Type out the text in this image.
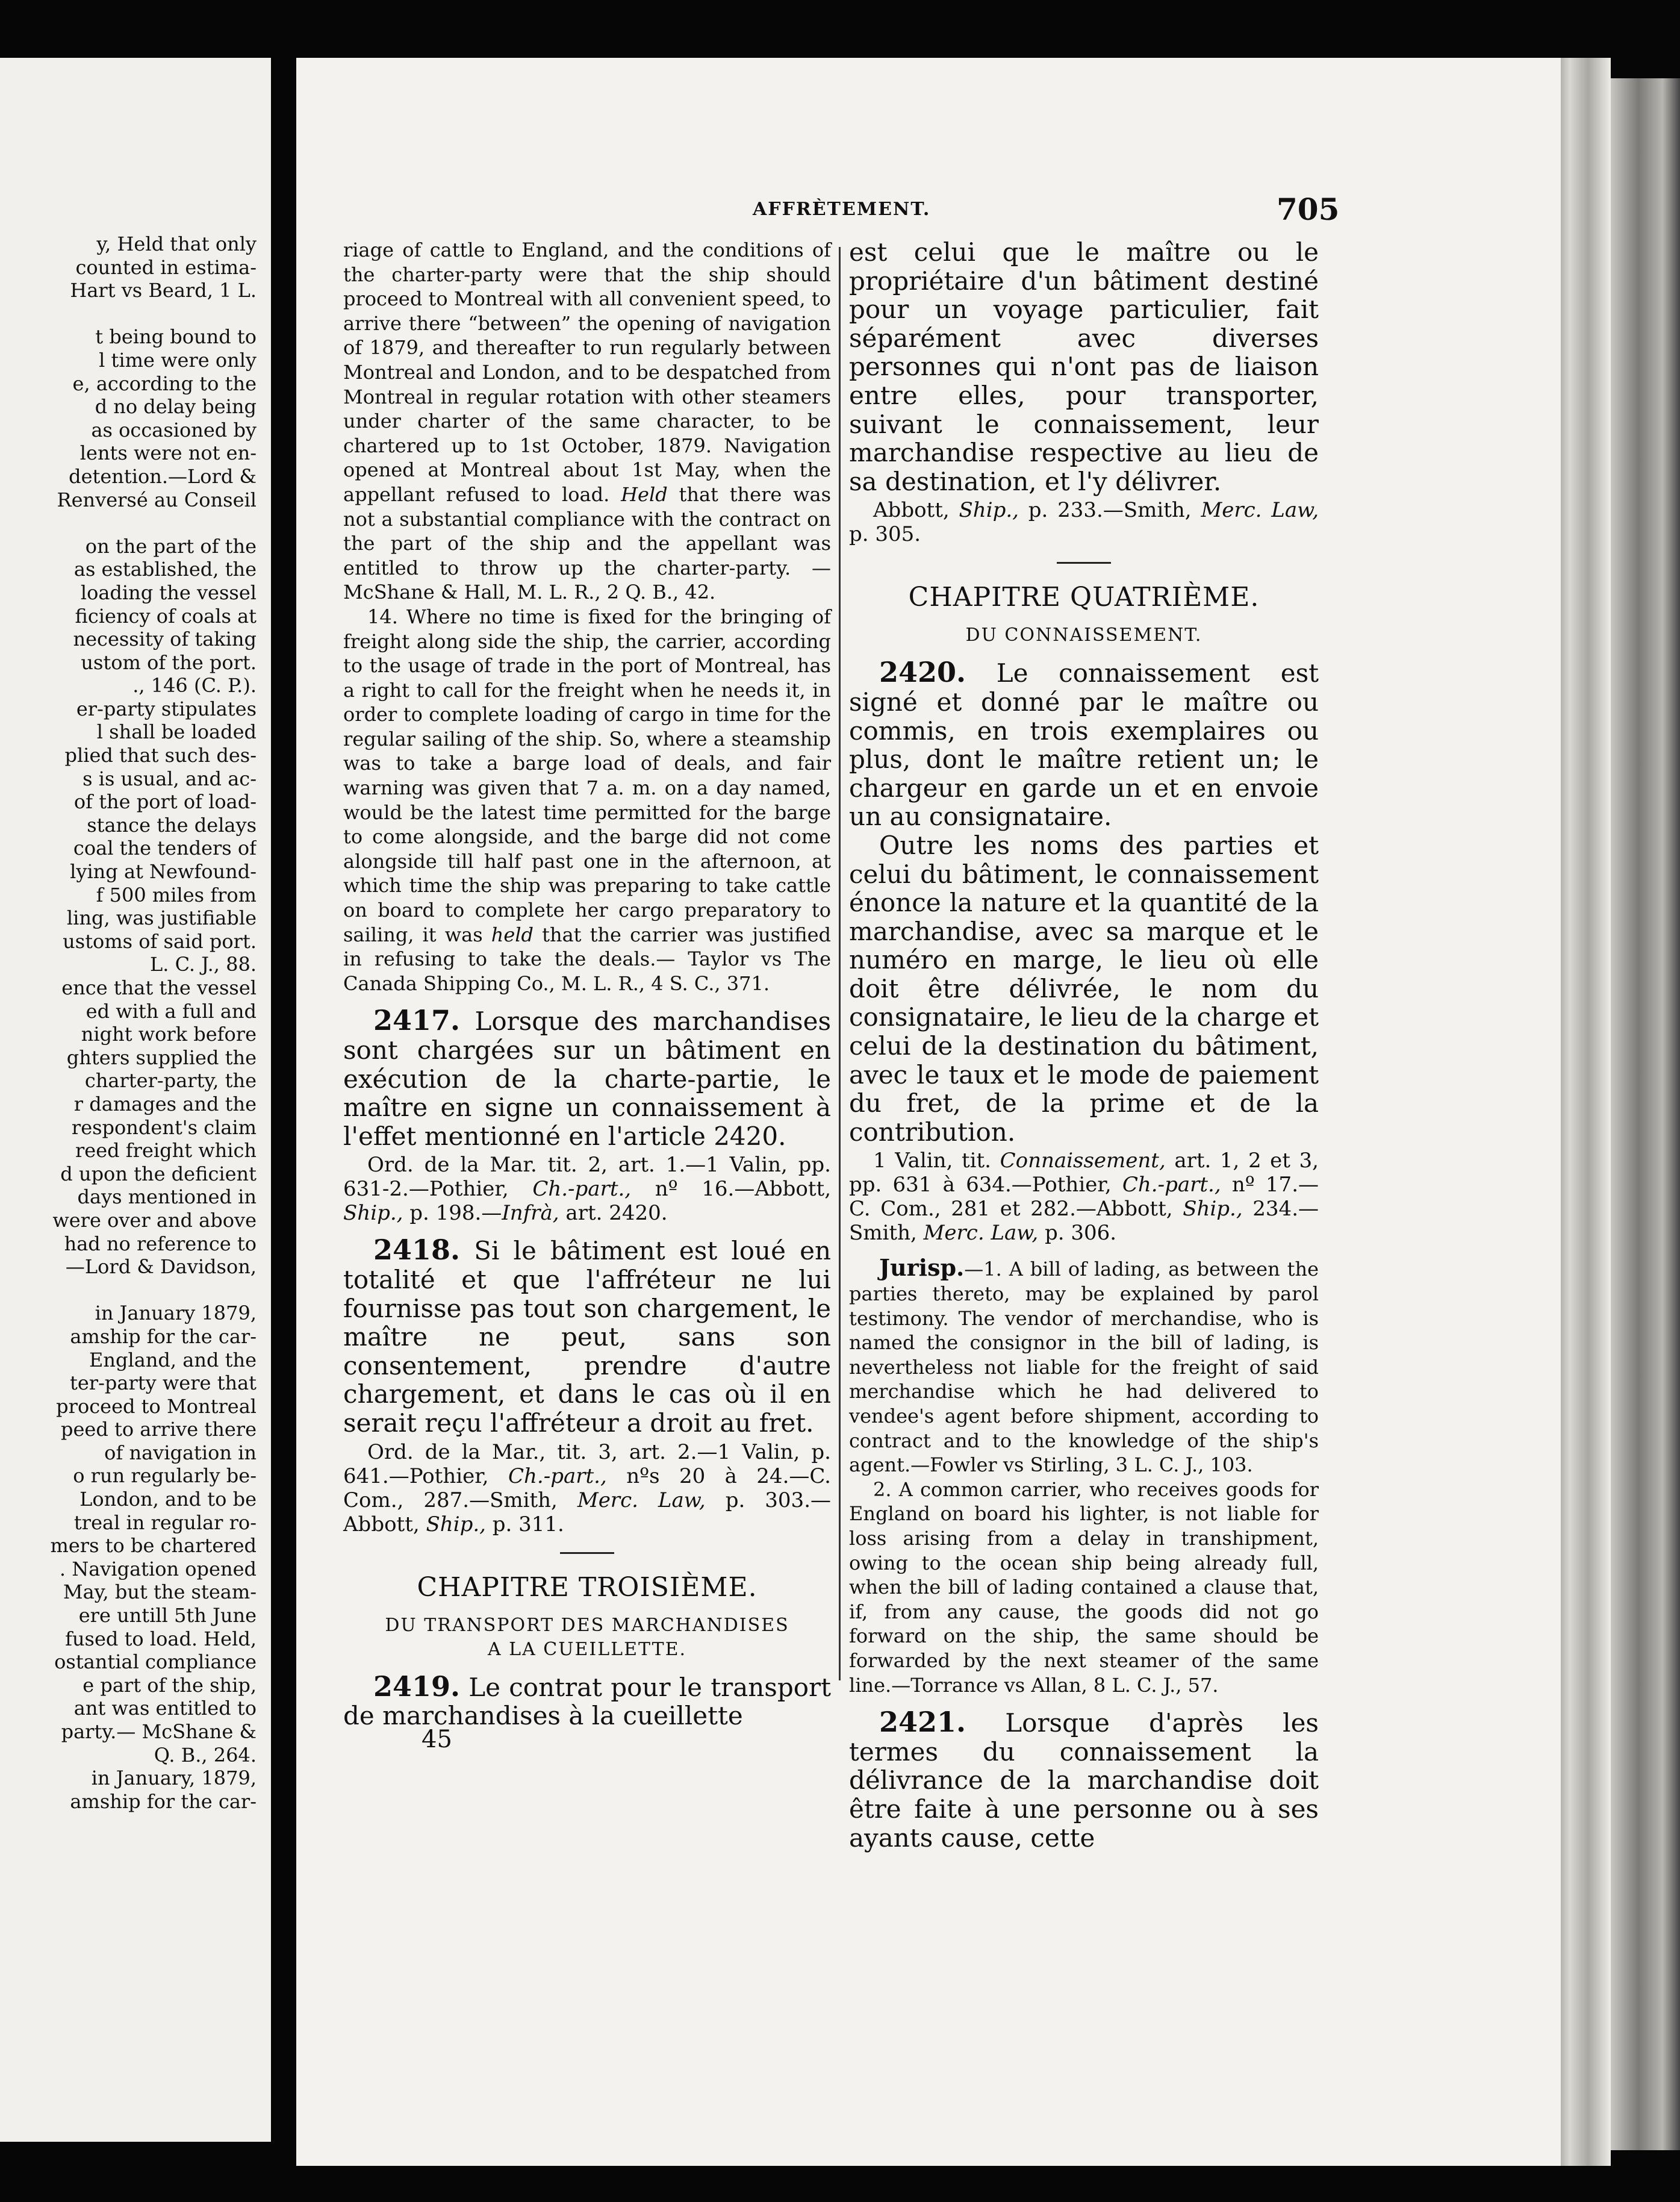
y, Held that only
counted in estima-
Hart vs Beard, 1 L.

t being bound to
l time were only
e, according to the
d no delay being
as occasioned by
lents were not en-
detention.—Lord &
Renversé au Conseil

on the part of the
as established, the
loading the vessel
ficiency of coals at
necessity of taking
ustom of the port.
., 146 (C. P.).
er-party stipulates
l shall be loaded
plied that such des-
s is usual, and ac-
of the port of load-
stance the delays
coal the tenders of
lying at Newfound-
f 500 miles from
ling, was justifiable
ustoms of said port.
L. C. J., 88.
ence that the vessel
ed with a full and
night work before
ghters supplied the
charter-party, the
r damages and the
respondent's claim
reed freight which
d upon the deficient
days mentioned in
were over and above
had no reference to
—Lord & Davidson,

in January 1879,
amship for the car-
England, and the
ter-party were that
proceed to Montreal
peed to arrive there
of navigation in
o run regularly be-
London, and to be
treal in regular ro-
mers to be chartered
. Navigation opened
May, but the steam-
ere untill 5th June
fused to load. Held,
ostantial compliance
e part of the ship,
ant was entitled to
party.— McShane &
Q. B., 264.
in January, 1879,
amship for the car-
AFFRÈTEMENT.	705

riage of cattle to England, and the conditions of the charter-party were that the ship should proceed to Montreal with all convenient speed, to arrive there “between” the opening of navigation of 1879, and thereafter to run regularly between Montreal and London, and to be despatched from Montreal in regular rotation with other steamers under charter of the same character, to be chartered up to 1st October, 1879. Navigation opened at Montreal about 1st May, when the appellant refused to load. Held that there was not a substantial compliance with the contract on the part of the ship and the appellant was entitled to throw up the charter-party. —McShane & Hall, M. L. R., 2 Q. B., 42.

14. Where no time is fixed for the bringing of freight along side the ship, the carrier, according to the usage of trade in the port of Montreal, has a right to call for the freight when he needs it, in order to complete loading of cargo in time for the regular sailing of the ship. So, where a steamship was to take a barge load of deals, and fair warning was given that 7 a. m. on a day named, would be the latest time permitted for the barge to come alongside, and the barge did not come alongside till half past one in the afternoon, at which time the ship was preparing to take cattle on board to complete her cargo preparatory to sailing, it was held that the carrier was justified in refusing to take the deals.— Taylor vs The Canada Shipping Co., M. L. R., 4 S. C., 371.

2417. Lorsque des marchandises sont chargées sur un bâtiment en exécution de la charte-partie, le maître en signe un connaissement à l'effet mentionné en l'article 2420.

Ord. de la Mar. tit. 2, art. 1.—1 Valin, pp. 631-2.—Pothier, Ch.-part., nº 16.—Abbott, Ship., p. 198.—Infrà, art. 2420.

2418. Si le bâtiment est loué en totalité et que l'affréteur ne lui fournisse pas tout son chargement, le maître ne peut, sans son consentement, prendre d'autre chargement, et dans le cas où il en serait reçu l'affréteur a droit au fret.

Ord. de la Mar., tit. 3, art. 2.—1 Valin, p. 641.—Pothier, Ch.-part., nºs 20 à 24.—C. Com., 287.—Smith, Merc. Law, p. 303.—Abbott, Ship., p. 311.

CHAPITRE TROISIÈME.
DU TRANSPORT DES MARCHANDISES
A LA CUEILLETTE.

2419. Le contrat pour le transport de marchandises à la cueillette

45

est celui que le maître ou le propriétaire d'un bâtiment destiné pour un voyage particulier, fait séparément avec diverses personnes qui n'ont pas de liaison entre elles, pour transporter, suivant le connaissement, leur marchandise respective au lieu de sa destination, et l'y délivrer.

Abbott, Ship., p. 233.—Smith, Merc. Law, p. 305.

CHAPITRE QUATRIÈME.
DU CONNAISSEMENT.

2420. Le connaissement est signé et donné par le maître ou commis, en trois exemplaires ou plus, dont le maître retient un; le chargeur en garde un et en envoie un au consignataire.

Outre les noms des parties et celui du bâtiment, le connaissement énonce la nature et la quantité de la marchandise, avec sa marque et le numéro en marge, le lieu où elle doit être délivrée, le nom du consignataire, le lieu de la charge et celui de la destination du bâtiment, avec le taux et le mode de paiement du fret, de la prime et de la contribution.

1 Valin, tit. Connaissement, art. 1, 2 et 3, pp. 631 à 634.—Pothier, Ch.-part., nº 17.— C. Com., 281 et 282.—Abbott, Ship., 234.— Smith, Merc. Law, p. 306.

Jurisp.—1. A bill of lading, as between the parties thereto, may be explained by parol testimony. The vendor of merchandise, who is named the consignor in the bill of lading, is nevertheless not liable for the freight of said merchandise which he had delivered to vendee's agent before shipment, according to contract and to the knowledge of the ship's agent.—Fowler vs Stirling, 3 L. C. J., 103.

2. A common carrier, who receives goods for England on board his lighter, is not liable for loss arising from a delay in transhipment, owing to the ocean ship being already full, when the bill of lading contained a clause that, if, from any cause, the goods did not go forward on the ship, the same should be forwarded by the next steamer of the same line.—Torrance vs Allan, 8 L. C. J., 57.

2421. Lorsque d'après les termes du connaissement la délivrance de la marchandise doit être faite à une personne ou à ses ayants cause, cette
